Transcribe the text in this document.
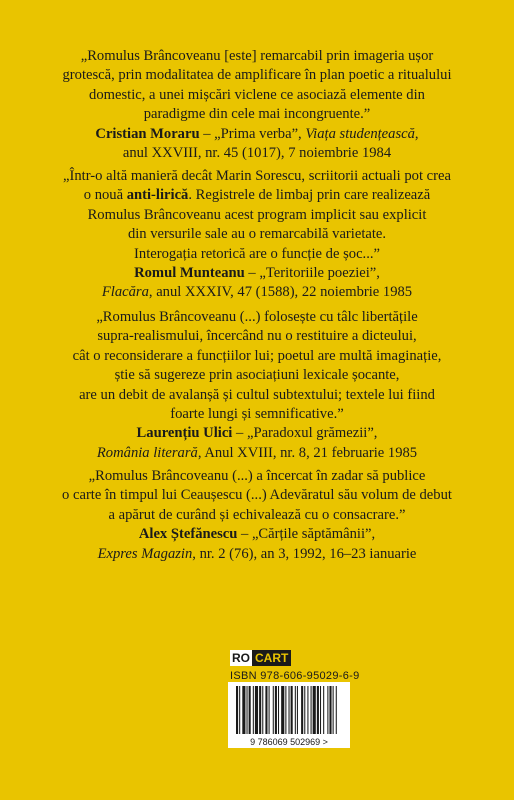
„Romulus Brâncoveanu [este] remarcabil prin imageria ușor

grotescă, prin modalitatea de amplificare în plan poetic a ritualului

domestic, a unei mișcări viclene ce asociază elemente din

paradigme din cele mai incongruente.”

Cristian Moraru – „Prima verba”, Viața studențească,

anul XXVIII, nr. 45 (1017), 7 noiembrie 1984

„Într-o altă manieră decât Marin Sorescu, scriitorii actuali pot crea

o nouă anti-lirică. Registrele de limbaj prin care realizează

Romulus Brâncoveanu acest program implicit sau explicit

din versurile sale au o remarcabilă varietate.

Interogația retorică are o funcție de șoc...”

Romul Munteanu – „Teritoriile poeziei”,

Flacăra, anul XXXIV, 47 (1588), 22 noiembrie 1985

„Romulus Brâncoveanu (...) folosește cu tâlc libertățile

supra-realismului, încercând nu o restituire a dicteului,

cât o reconsiderare a funcțiilor lui; poetul are multă imaginație,

știe să sugereze prin asociațiuni lexicale șocante,

are un debit de avalanșă și cultul subtextului; textele lui fiind

foarte lungi și semnificative.”

Laurențiu Ulici – „Paradoxul grămezii”,

România literară, Anul XVIII, nr. 8, 21 februarie 1985

„Romulus Brâncoveanu (...) a încercat în zadar să publice

o carte în timpul lui Ceaușescu (...) Adevăratul său volum de debut

a apărut de curând și echivalează cu o consacrare.”

Alex Ștefănescu – „Cărțile săptămânii”,

Expres Magazin, nr. 2 (76), an 3, 1992, 16–23 ianuarie

RO CART
ISBN 978-606-95029-6-9
9 786069 502969 >
